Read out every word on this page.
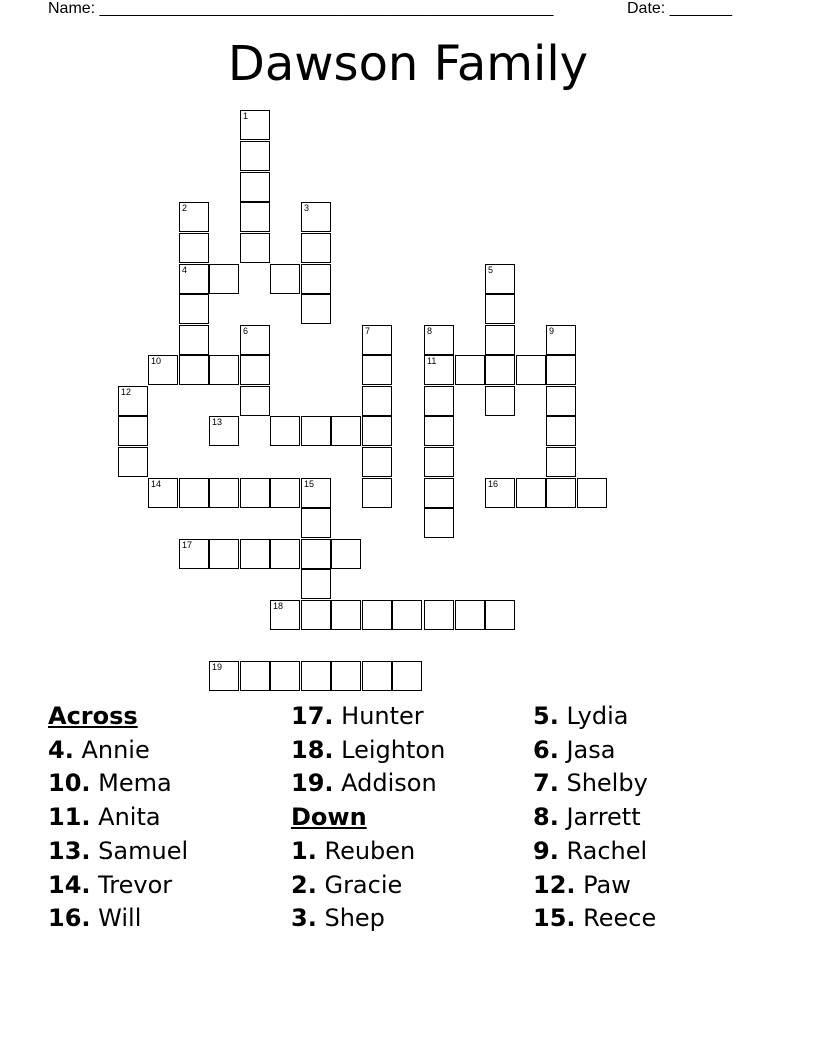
Name: ___________________________________________________	Date: _______
Dawson Family
1
2
4
3
5
6	7	8
11
9
10
12
13
14	15	16
17
18
19
Across
4. Annie
10. Mema
11. Anita
13. Samuel
14. Trevor
16. Will
17. Hunter
18. Leighton
19. Addison
Down
1. Reuben
2. Gracie
3. Shep
5. Lydia
6. Jasa
7. Shelby
8. Jarrett
9. Rachel
12. Paw
15. Reece
